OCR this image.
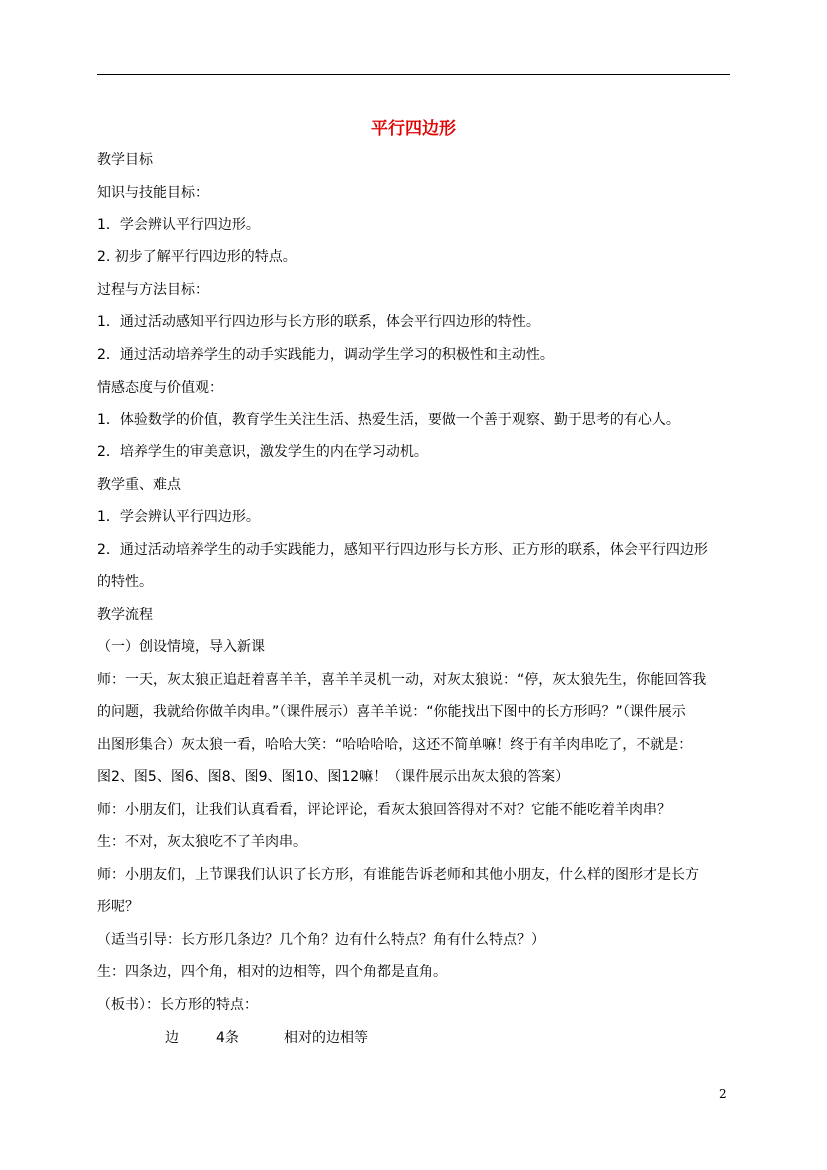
平行四边形
教学目标
知识与技能目标：
1．学会辨认平行四边形。
2. 初步了解平行四边形的特点。
过程与方法目标：
1．通过活动感知平行四边形与长方形的联系，体会平行四边形的特性。
2．通过活动培养学生的动手实践能力，调动学生学习的积极性和主动性。
情感态度与价值观：
1．体验数学的价值，教育学生关注生活、热爱生活，要做一个善于观察、勤于思考的有心人。
2．培养学生的审美意识，激发学生的内在学习动机。
教学重、难点
1．学会辨认平行四边形。
2．通过活动培养学生的动手实践能力，感知平行四边形与长方形、正方形的联系，体会平行四边形
的特性。
教学流程
（一）创设情境，导入新课
师：一天，灰太狼正追赶着喜羊羊，喜羊羊灵机一动，对灰太狼说：“停，灰太狼先生，你能回答我
的问题，我就给你做羊肉串。”（课件展示）喜羊羊说：“你能找出下图中的长方形吗？”（课件展示
出图形集合）灰太狼一看，哈哈大笑：“哈哈哈哈，这还不简单嘛！终于有羊肉串吃了，不就是：
图2、图5、图6、图8、图9、图10、图12嘛！（课件展示出灰太狼的答案）
师：小朋友们，让我们认真看看，评论评论，看灰太狼回答得对不对？它能不能吃着羊肉串？
生：不对，灰太狼吃不了羊肉串。
师：小朋友们，上节课我们认识了长方形，有谁能告诉老师和其他小朋友，什么样的图形才是长方
形呢？
（适当引导：长方形几条边？几个角？边有什么特点？角有什么特点？）
生：四条边，四个角，相对的边相等，四个角都是直角。
（板书）：长方形的特点：
边	4条	相对的边相等
2
